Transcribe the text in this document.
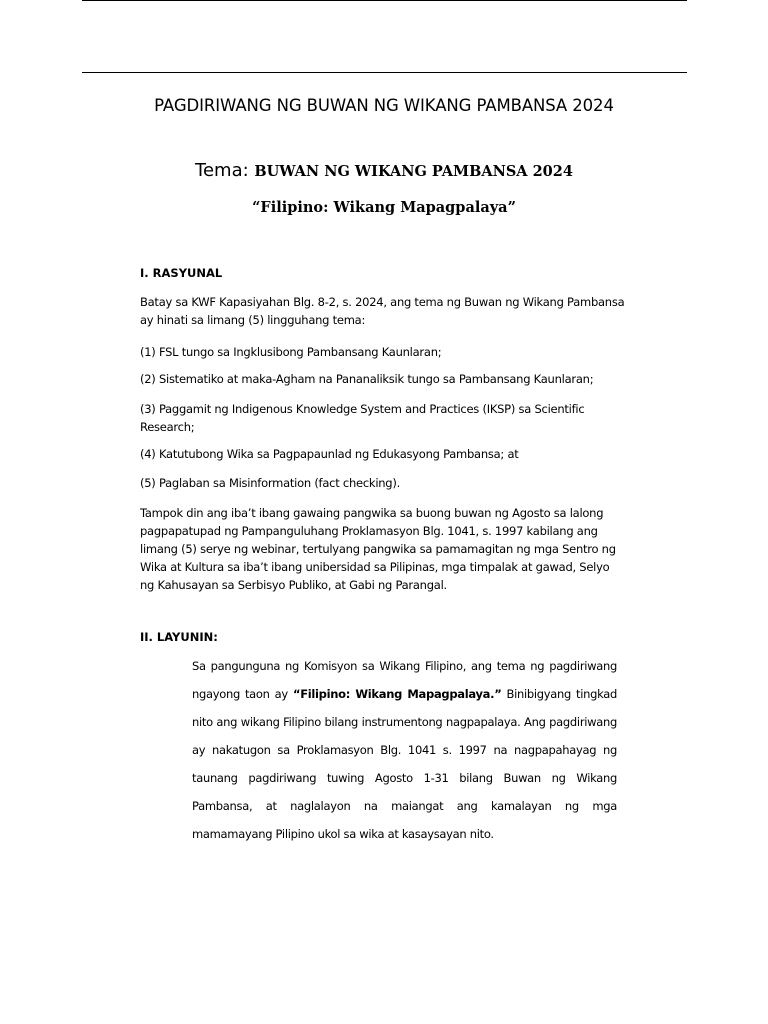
PAGDIRIWANG NG BUWAN NG WIKANG PAMBANSA 2024
Tema: BUWAN NG WIKANG PAMBANSA 2024
“Filipino: Wikang Mapagpalaya”
I. RASYUNAL
Batay sa KWF Kapasiyahan Blg. 8-2, s. 2024, ang tema ng Buwan ng Wikang Pambansa ay hinati sa limang (5) lingguhang tema:
(1) FSL tungo sa Ingklusibong Pambansang Kaunlaran;
(2) Sistematiko at maka-Agham na Pananaliksik tungo sa Pambansang Kaunlaran;
(3) Paggamit ng Indigenous Knowledge System and Practices (IKSP) sa Scientific Research;
(4) Katutubong Wika sa Pagpapaunlad ng Edukasyong Pambansa; at
(5) Paglaban sa Misinformation (fact checking).
Tampok din ang iba’t ibang gawaing pangwika sa buong buwan ng Agosto sa lalong pagpapatupad ng Pampanguluhang Proklamasyon Blg. 1041, s. 1997 kabilang ang limang (5) serye ng webinar, tertulyang pangwika sa pamamagitan ng mga Sentro ng Wika at Kultura sa iba’t ibang unibersidad sa Pilipinas, mga timpalak at gawad, Selyo ng Kahusayan sa Serbisyo Publiko, at Gabi ng Parangal.
II. LAYUNIN:
Sa pangunguna ng Komisyon sa Wikang Filipino, ang tema ng pagdiriwang ngayong taon ay “Filipino: Wikang Mapagpalaya.” Binibigyang tingkad nito ang wikang Filipino bilang instrumentong nagpapalaya. Ang pagdiriwang ay nakatugon sa Proklamasyon Blg. 1041 s. 1997 na nagpapahayag ng taunang pagdiriwang tuwing Agosto 1-31 bilang Buwan ng Wikang Pambansa, at naglalayon na maiangat ang kamalayan ng mga mamamayang Pilipino ukol sa wika at kasaysayan nito.
